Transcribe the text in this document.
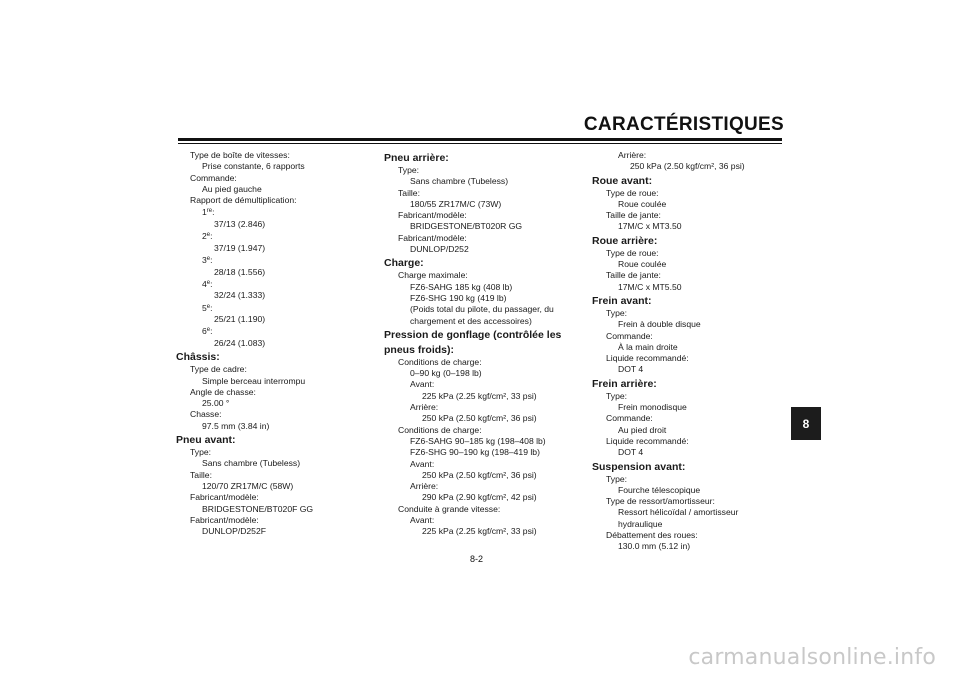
CARACTÉRISTIQUES
Type de boîte de vitesses:
Prise constante, 6 rapports
Commande:
Au pied gauche
Rapport de démultiplication:
1re:
37/13 (2.846)
2e:
37/19 (1.947)
3e:
28/18 (1.556)
4e:
32/24 (1.333)
5e:
25/21 (1.190)
6e:
26/24 (1.083)
Châssis:
Type de cadre:
Simple berceau interrompu
Angle de chasse:
25.00 °
Chasse:
97.5 mm (3.84 in)
Pneu avant:
Type:
Sans chambre (Tubeless)
Taille:
120/70 ZR17M/C (58W)
Fabricant/modèle:
BRIDGESTONE/BT020F GG
Fabricant/modèle:
DUNLOP/D252F
Pneu arrière:
Type:
Sans chambre (Tubeless)
Taille:
180/55 ZR17M/C (73W)
Fabricant/modèle:
BRIDGESTONE/BT020R GG
Fabricant/modèle:
DUNLOP/D252
Charge:
Charge maximale:
FZ6-SAHG 185 kg (408 lb)
FZ6-SHG 190 kg (419 lb)
(Poids total du pilote, du passager, du
chargement et des accessoires)
Pression de gonflage (contrôlée les
pneus froids):
Conditions de charge:
0–90 kg (0–198 lb)
Avant:
225 kPa (2.25 kgf/cm², 33 psi)
Arrière:
250 kPa (2.50 kgf/cm², 36 psi)
Conditions de charge:
FZ6-SAHG 90–185 kg (198–408 lb)
FZ6-SHG 90–190 kg (198–419 lb)
Avant:
250 kPa (2.50 kgf/cm², 36 psi)
Arrière:
290 kPa (2.90 kgf/cm², 42 psi)
Conduite à grande vitesse:
Avant:
225 kPa (2.25 kgf/cm², 33 psi)
Arrière:
250 kPa (2.50 kgf/cm², 36 psi)
Roue avant:
Type de roue:
Roue coulée
Taille de jante:
17M/C x MT3.50
Roue arrière:
Type de roue:
Roue coulée
Taille de jante:
17M/C x MT5.50
Frein avant:
Type:
Frein à double disque
Commande:
À la main droite
Liquide recommandé:
DOT 4
Frein arrière:
Type:
Frein monodisque
Commande:
Au pied droit
Liquide recommandé:
DOT 4
Suspension avant:
Type:
Fourche télescopique
Type de ressort/amortisseur:
Ressort hélicoïdal / amortisseur
hydraulique
Débattement des roues:
130.0 mm (5.12 in)
8-2
8
carmanualsonline.info
